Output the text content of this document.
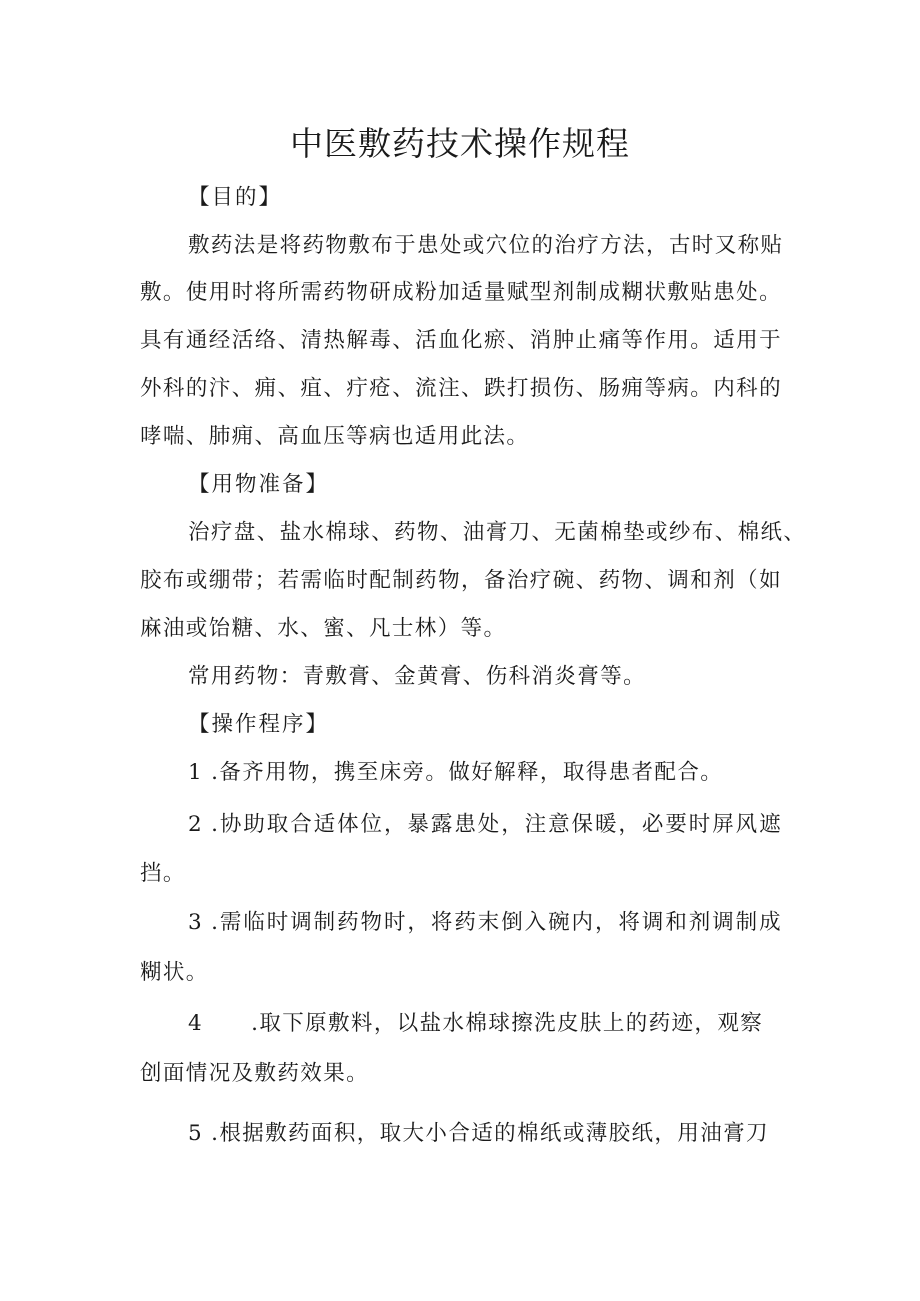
中医敷药技术操作规程
【目的】
敷药法是将药物敷布于患处或穴位的治疗方法，古时又称贴
敷。使用时将所需药物研成粉加适量赋型剂制成糊状敷贴患处。
具有通经活络、清热解毒、活血化瘀、消肿止痛等作用。适用于
外科的汴、痈、疽、疔疮、流注、跌打损伤、肠痈等病。内科的
哮喘、肺痈、高血压等病也适用此法。
【用物准备】
治疗盘、盐水棉球、药物、油膏刀、无菌棉垫或纱布、棉纸、
胶布或绷带；若需临时配制药物，备治疗碗、药物、调和剂（如
麻油或饴糖、水、蜜、凡士林）等。
常用药物：青敷膏、金黄膏、伤科消炎膏等。
【操作程序】
1 .备齐用物，携至床旁。做好解释，取得患者配合。
2 .协助取合适体位，暴露患处，注意保暖，必要时屏风遮
挡。
3 .需临时调制药物时，将药末倒入碗内，将调和剂调制成
糊状。
4 .取下原敷料，以盐水棉球擦洗皮肤上的药迹，观察
创面情况及敷药效果。
5 .根据敷药面积，取大小合适的棉纸或薄胶纸，用油膏刀
